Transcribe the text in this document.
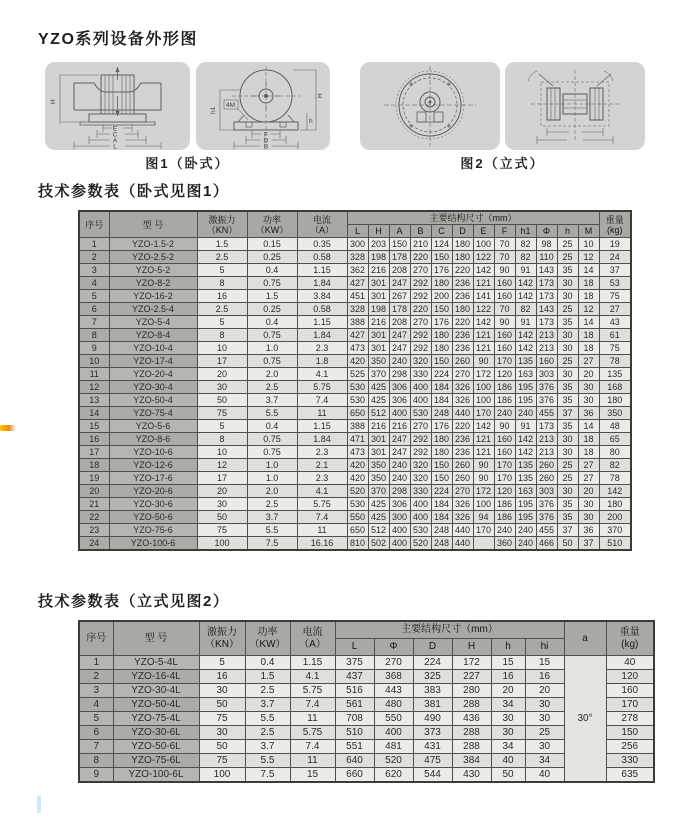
YZO系列设备外形图
H
E
C
A
L
h1
4M
H
h
F
D
B
图1（卧式）	图2（立式）
技术参数表（卧式见图1）
序号	型 号	激振力
（KN）

功率
（KW）

电流
（A）
	主要结构尺寸（mm）	重量
(kg)

					L	H	A	B	C	D	E	F	h1	Φ	h	M	
1	YZO-1.5-2	1.5	0.15	0.35	300	203	150	210	124	180	100	70	82	98	25	10	19
2	YZO-2.5-2	2.5	0.25	0.58	328	198	178	220	150	180	122	70	82	110	25	12	24
3	YZO-5-2	5	0.4	1.15	362	216	208	270	176	220	142	90	91	143	35	14	37
4	YZO-8-2	8	0.75	1.84	427	301	247	292	180	236	121	160	142	173	30	18	53
5	YZO-16-2	16	1.5	3.84	451	301	267	292	200	236	141	160	142	173	30	18	75
6	YZO-2.5-4	2.5	0.25	0.58	328	198	178	220	150	180	122	70	82	143	25	12	27
7	YZO-5-4	5	0.4	1.15	388	216	208	270	176	220	142	90	91	173	35	14	43
8	YZO-8-4	8	0.75	1.84	427	301	247	292	180	236	121	160	142	213	30	18	61
9	YZO-10-4	10	1.0	2.3	473	301	247	292	180	236	121	160	142	213	30	18	75
10	YZO-17-4	17	0.75	1.8	420	350	240	320	150	260	90	170	135	160	25	27	78
11	YZO-20-4	20	2.0	4.1	525	370	298	330	224	270	172	120	163	303	30	20	135
12	YZO-30-4	30	2.5	5.75	530	425	306	400	184	326	100	186	195	376	35	30	168
13	YZO-50-4	50	3.7	7.4	530	425	306	400	184	326	100	186	195	376	35	30	180
14	YZO-75-4	75	5.5	11	650	512	400	530	248	440	170	240	240	455	37	36	350
15	YZO-5-6	5	0.4	1.15	388	216	216	270	176	220	142	90	91	173	35	14	48
16	YZO-8-6	8	0.75	1.84	471	301	247	292	180	236	121	160	142	213	30	18	65
17	YZO-10-6	10	0.75	2.3	473	301	247	292	180	236	121	160	142	213	30	18	80
18	YZO-12-6	12	1.0	2.1	420	350	240	320	150	260	90	170	135	260	25	27	82
19	YZO-17-6	17	1.0	2.3	420	350	240	320	150	260	90	170	135	260	25	27	78
20	YZO-20-6	20	2.0	4.1	520	370	298	330	224	270	172	120	163	303	30	20	142
21	YZO-30-6	30	2.5	5.75	530	425	306	400	184	326	100	186	195	376	35	30	180
22	YZO-50-6	50	3.7	7.4	550	425	300	400	184	326	94	186	195	376	35	30	200
23	YZO-75-6	75	5.5	11	650	512	400	530	248	440	170	240	240	455	37	36	370
24	YZO-100-6	100	7.5	16.16	810	502	400	520	248	440		360	240	466	50	37	510
技术参数表（立式见图2）
序号	型 号	
激振力
（KN）

功率
（KW）

电流
（A）
	主要结构尺寸（mm）	a	
重量
(kg)

					L	Φ	D	H	h	hi		
1	YZO-5-4L	5	0.4	1.15	375	270	224	172	15	15	30°	40
2	YZO-16-4L	16	1.5	4.1	437	368	325	227	16	16		120
3	YZO-30-4L	30	2.5	5.75	516	443	383	280	20	20		160
4	YZO-50-4L	50	3.7	7.4	561	480	381	288	34	30		170
5	YZO-75-4L	75	5.5	11	708	550	490	436	30	30		278
6	YZO-30-6L	30	2.5	5.75	510	400	373	288	30	25		150
7	YZO-50-6L	50	3.7	7.4	551	481	431	288	34	30		256
8	YZO-75-6L	75	5.5	11	640	520	475	384	40	34		330
9	YZO-100-6L	100	7.5	15	660	620	544	430	50	40		635
